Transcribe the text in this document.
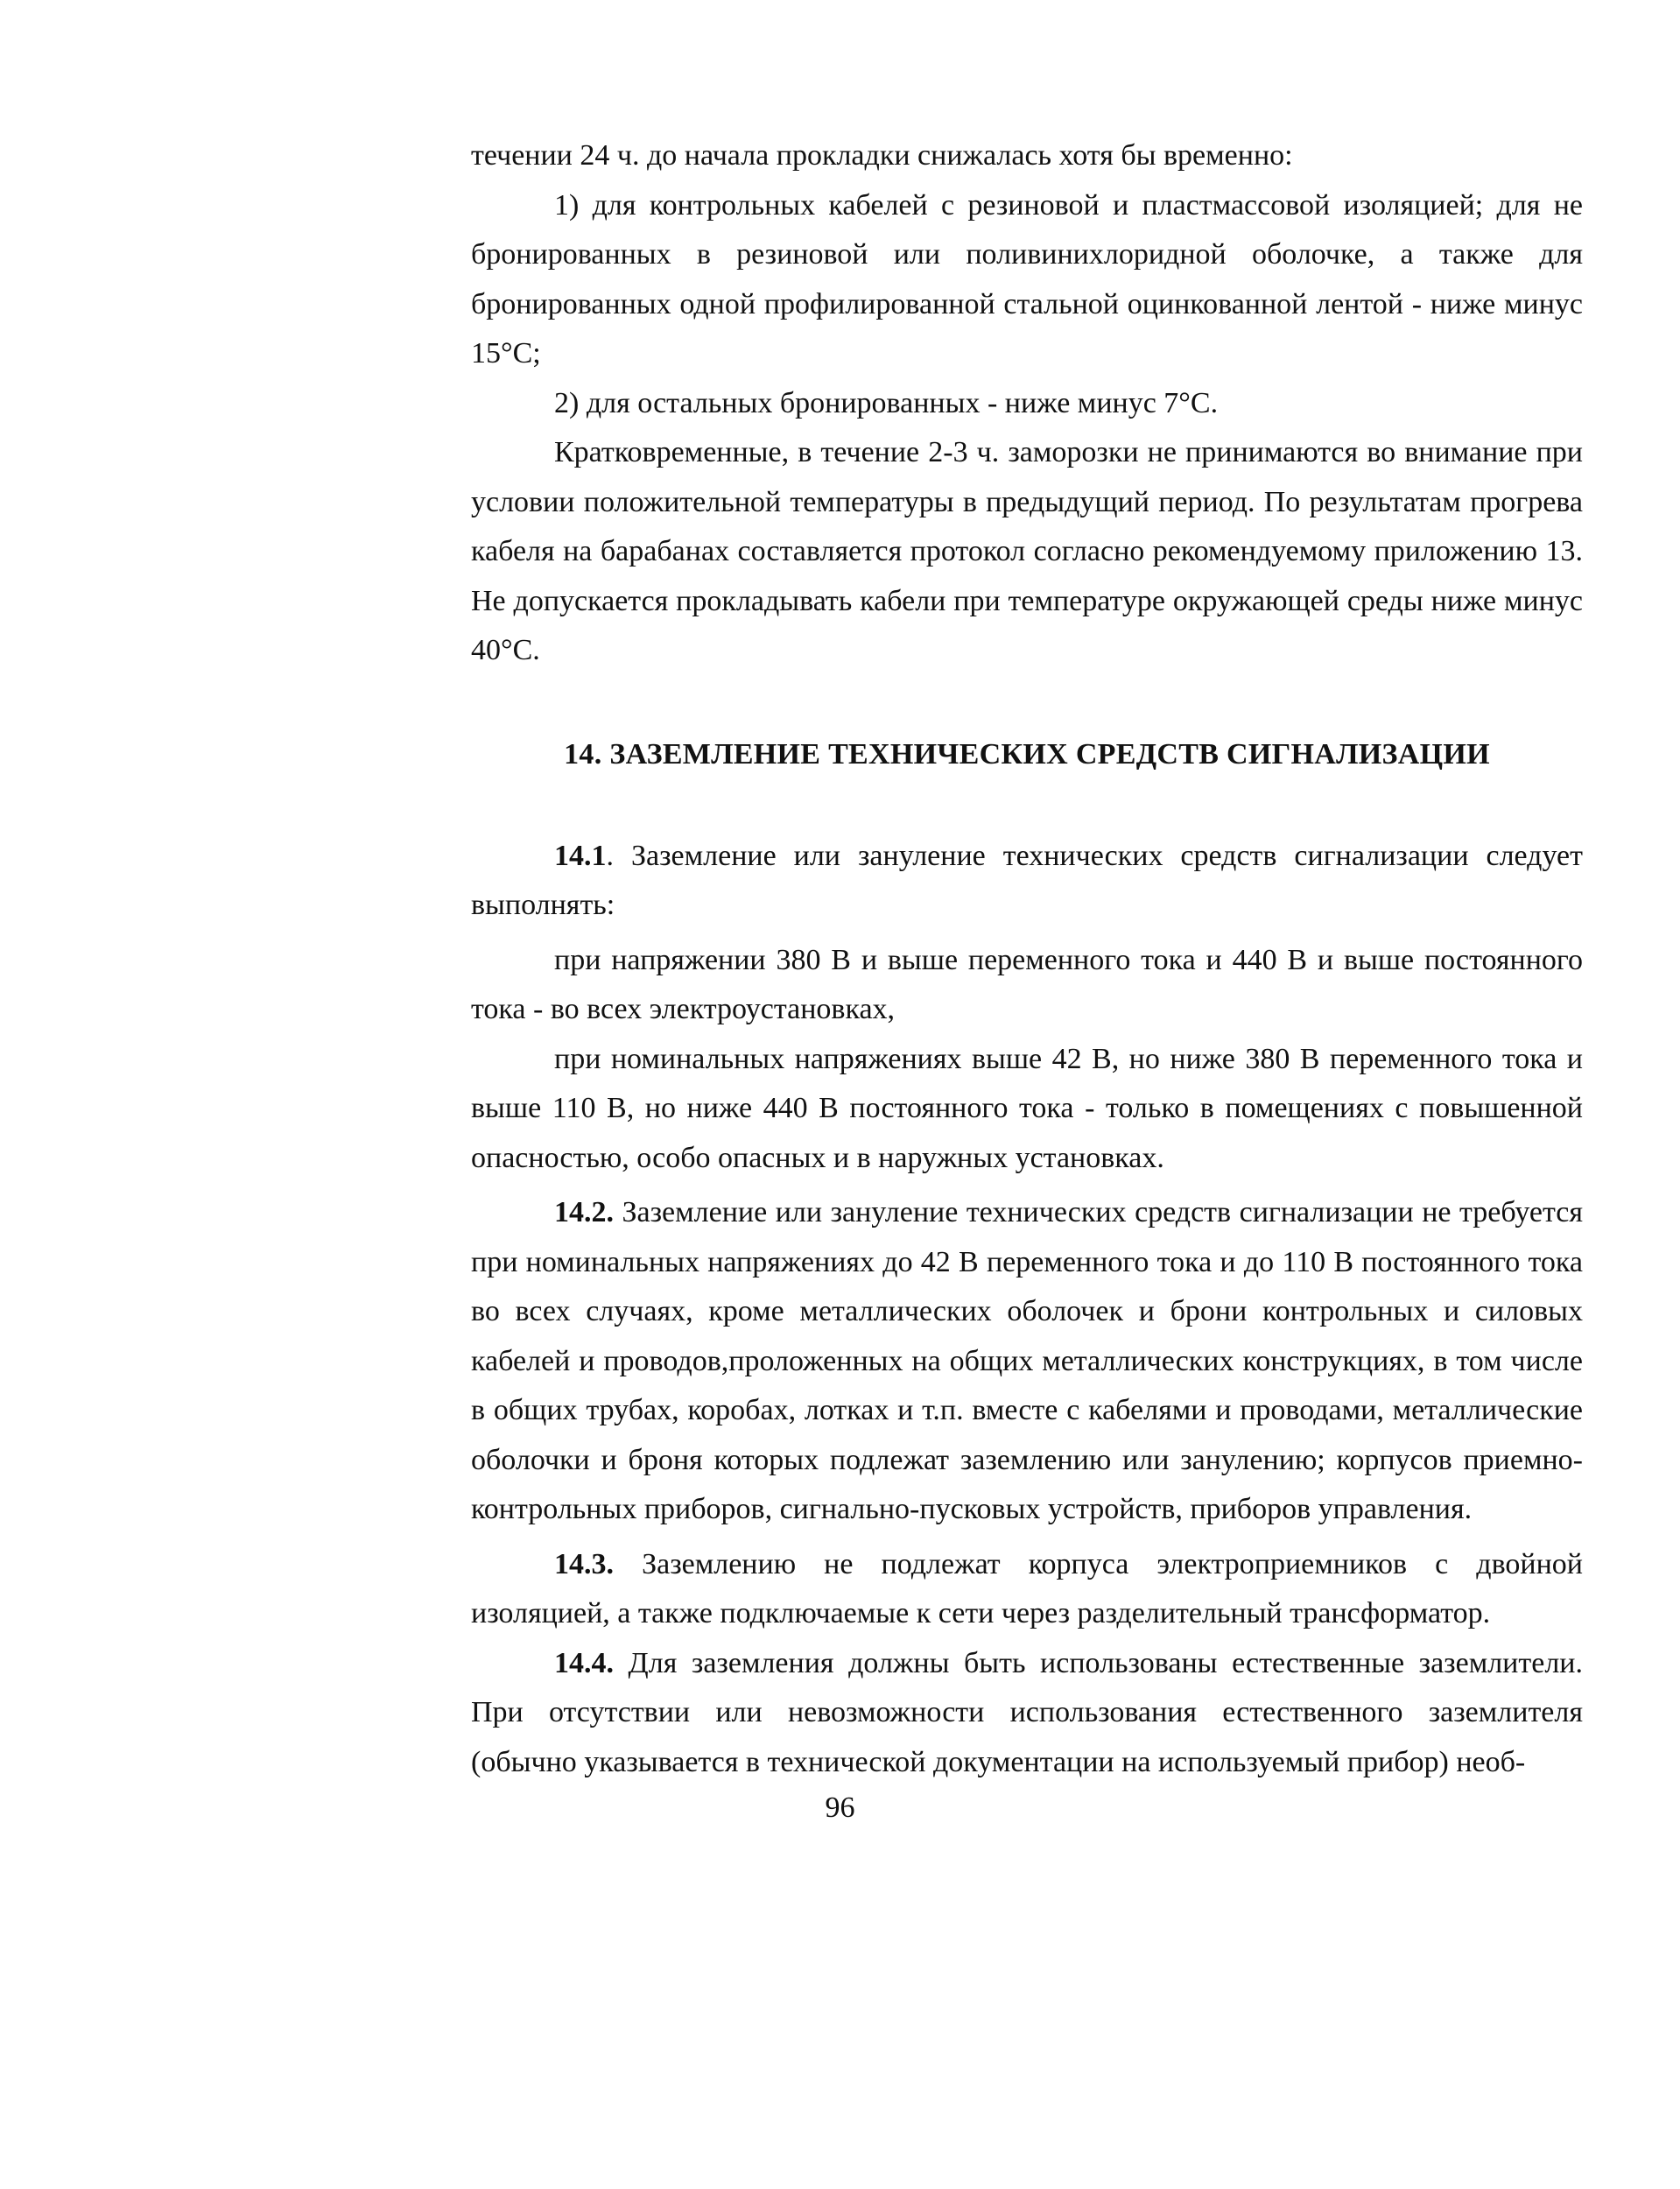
течении 24 ч. до начала прокладки снижалась хотя бы временно:

1) для контрольных кабелей с резиновой и пластмассовой изоляцией; для не бронированных в резиновой или поливинихлоридной оболочке, а также для бронированных одной профилированной стальной оцинкованной лентой - ниже минус 15°С;

2) для остальных бронированных - ниже минус 7°С.

Кратковременные, в течение 2-3 ч. заморозки не принимаются во внимание при условии положительной температуры в предыдущий период. По результатам прогрева кабеля на барабанах составляется протокол согласно рекомендуемому приложению 13. Не допускается прокладывать кабели при температуре окружающей среды ниже минус 40°С.

14. ЗАЗЕМЛЕНИЕ ТЕХНИЧЕСКИХ СРЕДСТВ СИГНАЛИЗАЦИИ

14.1. Заземление или зануление технических средств сигнализации следует выполнять:

при напряжении 380 В и выше переменного тока и 440 В и выше постоянного тока - во всех электроустановках,

при номинальных напряжениях выше 42 В, но ниже 380 В переменного тока и выше 110 В, но ниже 440 В постоянного тока - только в помещениях с повышенной опасностью, особо опасных и в наружных установках.

14.2. Заземление или зануление технических средств сигнализации не требуется при номинальных напряжениях до 42 В переменного тока и до 110 В постоянного тока во всех случаях, кроме металлических оболочек и брони контрольных и силовых кабелей и проводов,проложенных на общих металлических конструкциях, в том числе в общих трубах, коробах, лотках и т.п. вместе с кабелями и проводами, металлические оболочки и броня которых подлежат заземлению или занулению; корпусов приемно-контрольных приборов, сигнально-пусковых устройств, приборов управления.

14.3. Заземлению не подлежат корпуса электроприемников с двойной изоляцией, а также подключаемые к сети через разделительный трансформатор.

14.4. Для заземления должны быть использованы естественные заземлители. При отсутствии или невозможности использования естественного заземлителя (обычно указывается в технической документации на используемый прибор) необ-

96
